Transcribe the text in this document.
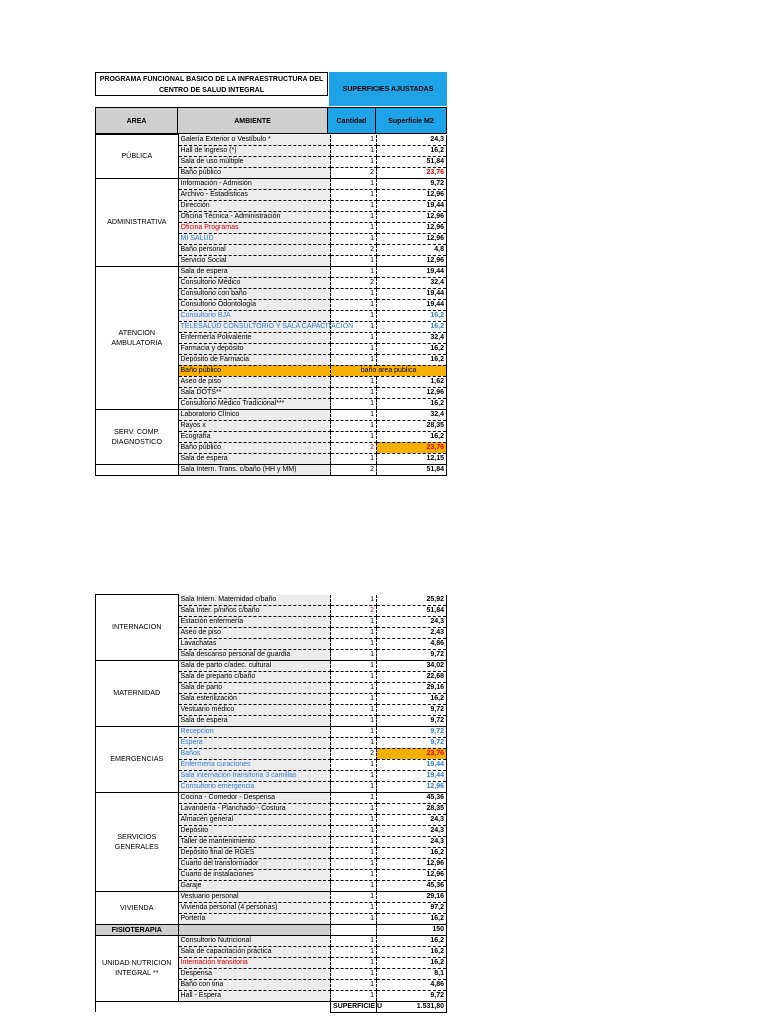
PROGRAMA FUNCIONAL BASICO DE LA INFRAESTRUCTURA DEL CENTRO DE SALUD INTEGRAL	SUPERFICIES AJUSTADAS
AREA	AMBIENTE	Cantidad	Superficie M2
PÚBLICA	Galería Exterior o Vestíbulo *	1	24,3
	Hall de ingreso (*)	1	16,2
	Sala de uso múltiple	1	51,84
	Baño público	2	23,76
ADMINISTRATIVA	Información - Admisión	1	9,72
	Archivo - Estadísticas	1	12,96
	Dirección	1	19,44
	Oficina Técnica - Administración	1	12,96
	Oficina Programas	1	12,96
	MI SALUD	1	12,96
	Baño personal	2	4,8
	Servicio Social	1	12,96
ATENCION AMBULATORIA	Sala de espera	1	19,44
	Consultorio Médico	2	32,4
	Consultorio con baño	1	19,44
	Consultorio Odontología	1	19,44
	Consultorio BJA	1	16,2
	TELESALUD CONSULTORIO Y SALA CAPACITACION	1	16,2
	Enfermería Polivalente	1	32,4
	Farmacia y depósito	1	16,2
	Depósito de Farmacia	1	16,2
	Baño público	baño area publica	
	Aseo de piso	1	1,62
	Sala DOTS**	1	12,96
	Consultorio Médico Tradicional***	1	16,2
SERV. COMP. DIAGNOSTICO	Laboratorio Clínico	1	32,4
	Rayos x	1	28,35
	Ecografía	1	16,2
	Baño público	2	23,76
	Sala de espera	1	12,15
	Sala Intern. Trans. c/baño (HH y MM)	2	51,84
INTERNACION	Sala Intern. Maternidad c/baño	1	25,92
	Sala Inter. p/niños c/baño	2	51,84
	Estación enfermería	1	24,3
	Aseo de piso	1	2,43
	Lavachatas	1	4,86
	Sala descanso personal de guardia	1	9,72
MATERNIDAD	Sala de parto c/adec. cultural	1	34,02
	Sala de preparto c/baño	1	22,68
	Sala de parto	1	29,16
	Sala esterilización	1	16,2
	Vestuario médico	1	9,72
	Sala de espera	1	9,72
EMERGENCIAS	Recepcion	1	9,72
	Espera	1	9,72
	Baños	2	23,76
	Enfermeria curaciones	1	19,44
	Sala internacion transitoria 3 camillas	1	19,44
	Consultorio emergencia	1	12,96
SERVICIOS GENERALES	Cocina - Comedor - Despensa	1	45,36
	Lavandería - Planchado - Costura	1	28,35
	Almacén general	1	24,3
	Depósito	1	24,3
	Taller de mantenimiento	1	24,3
	Depósito final de RGES	1	16,2
	Cuarto del transformador	1	12,96
	Cuarto de instalaciones	1	12,96
	Garaje	1	45,36
VIVIENDA	Vestuario personal	1	29,16
	Vivienda personal (4 personas)	1	97,2
	Portería	1	16,2
FISIOTERAPIA			150
UNIDAD NUTRICION INTEGRAL **	Consultorio Nutricional	1	16,2
	Sala de capacitación práctica	1	16,2
	Internación transitoria	1	16,2
	Despensa	1	8,1
	Baño con tina	1	4,86
	Hall - Espera	1	9,72
		SUPERFICIE Ú	1.531,80
